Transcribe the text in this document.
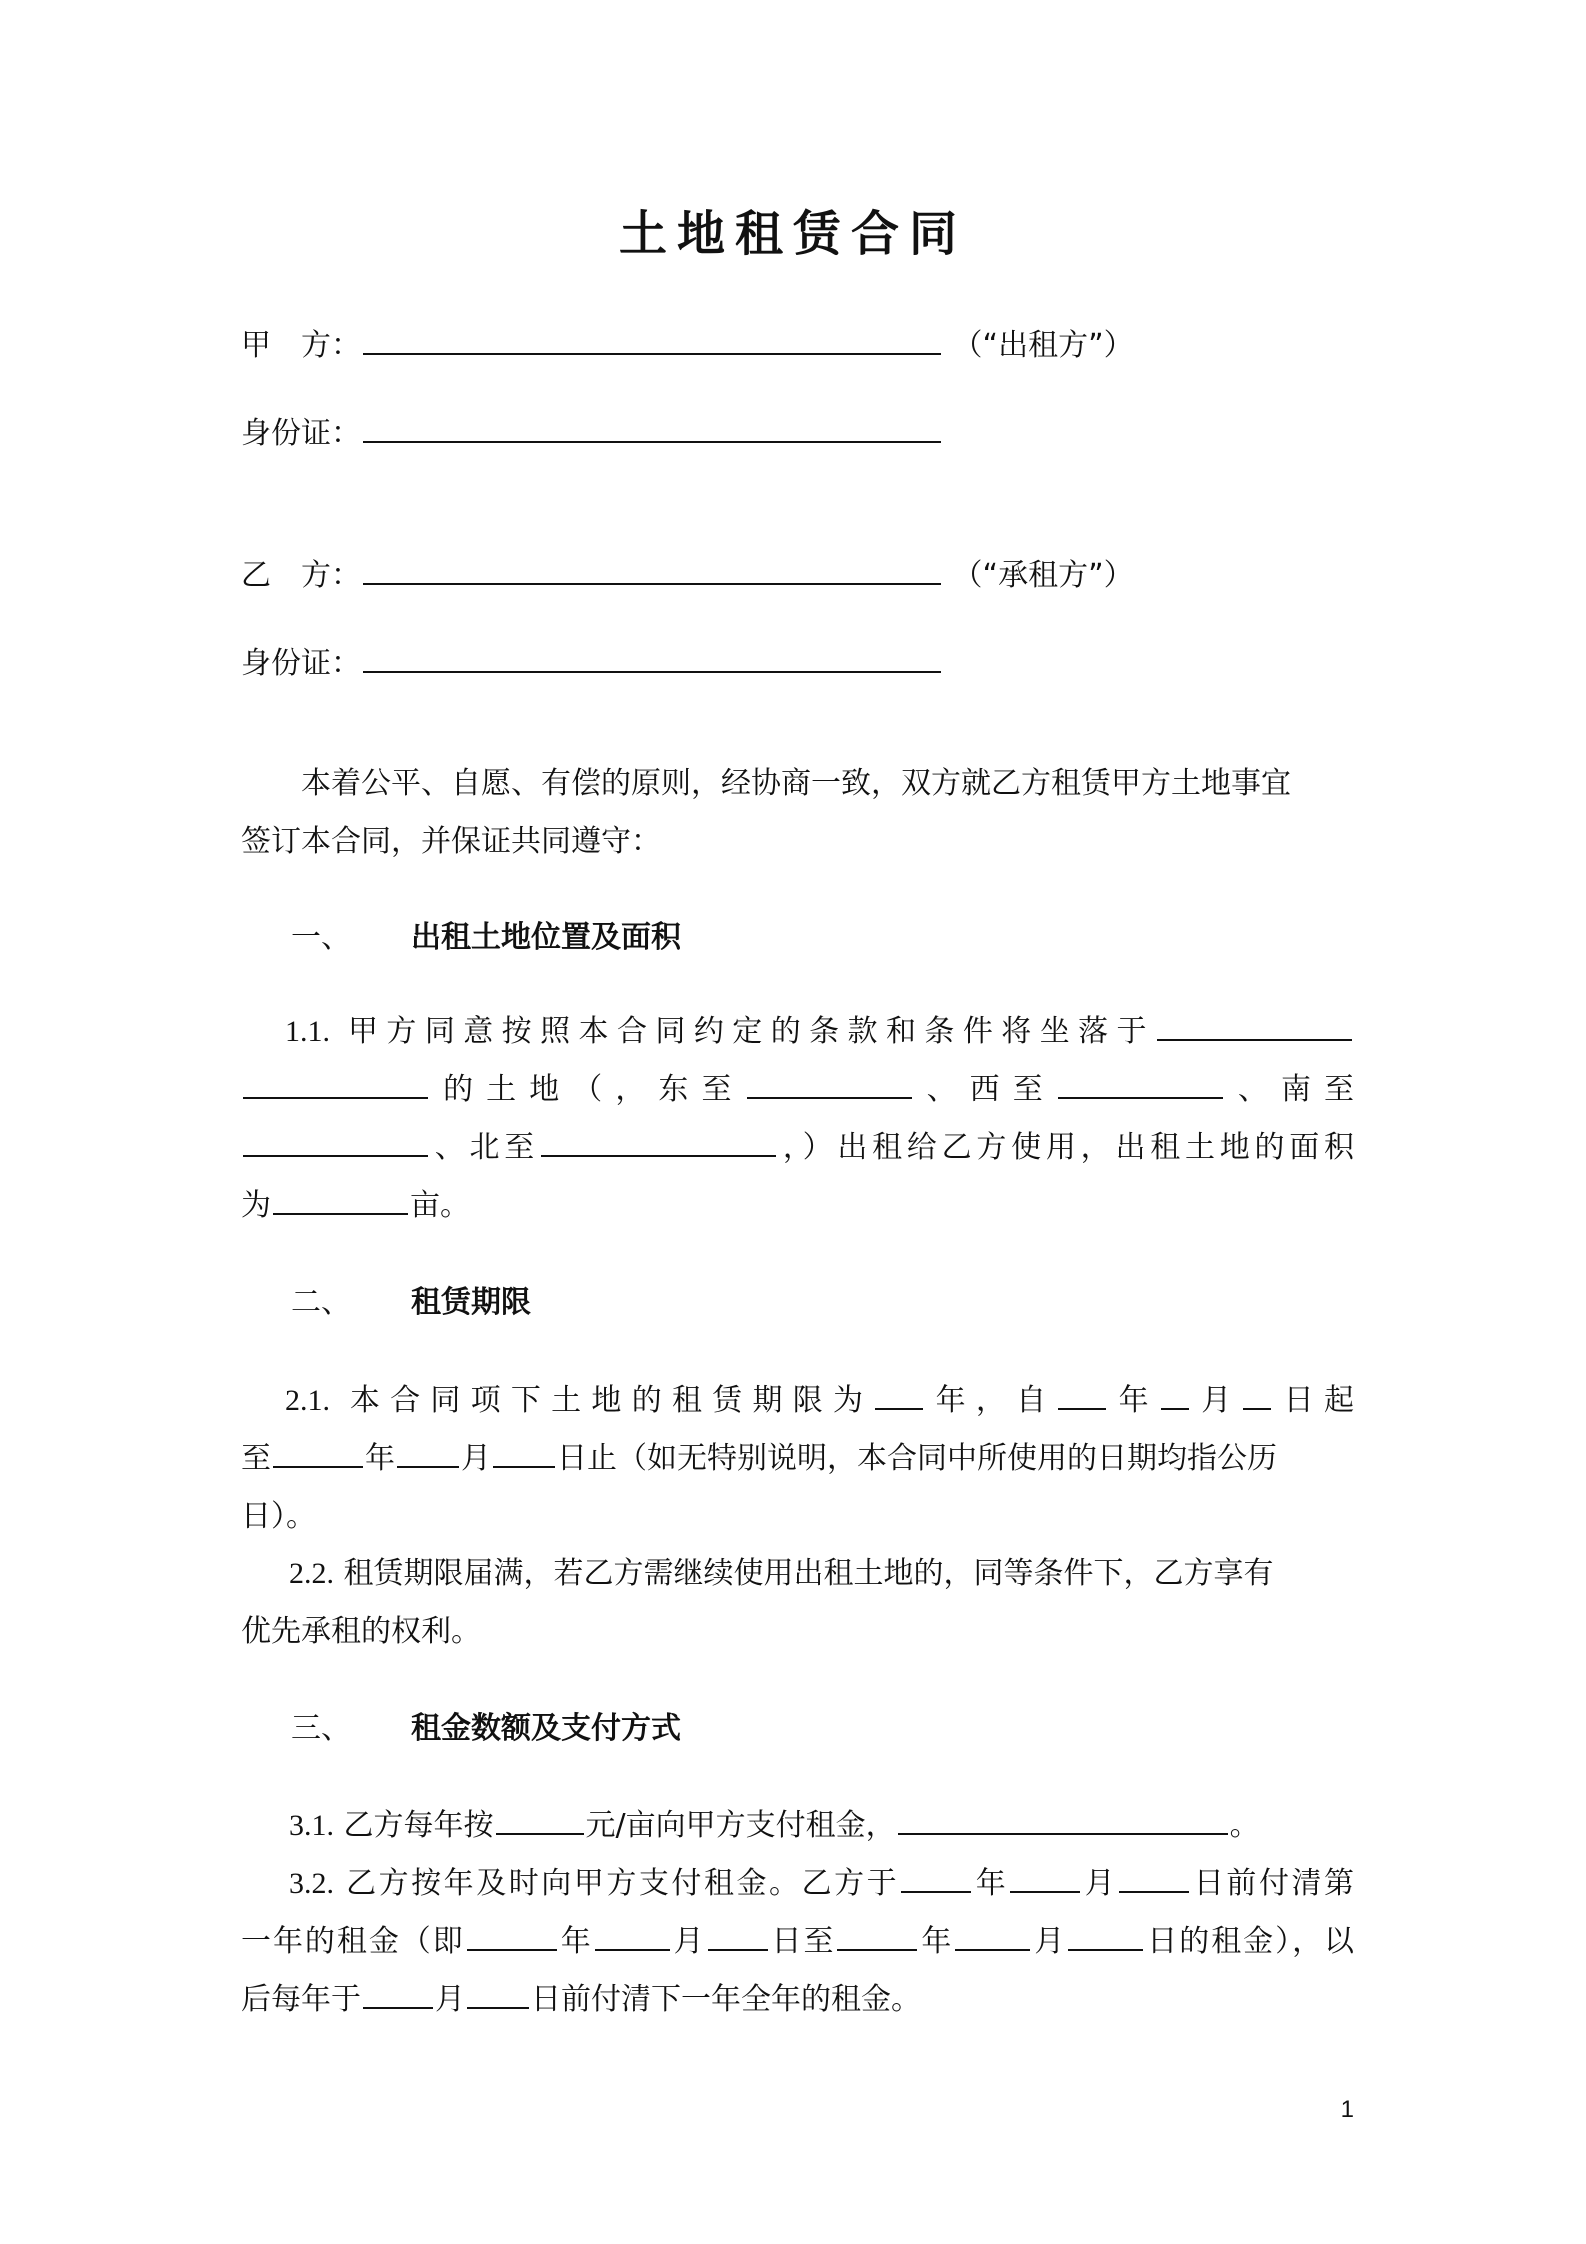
土地租赁合同
甲　方：	（“出租方”）
身份证：
乙　方：	（“承租方”）
身份证：
本着公平、自愿、有偿的原则，经协商一致，双方就乙方租赁甲方土地事宜
签订本合同，并保证共同遵守：
一、 出租土地位置及面积
1.1. 甲方同意按照本合同约定的条款和条件将坐落于
的土地（，东至	、西至	、南至
、北至	，）出租给乙方使用，出租土地的面积
为	亩。
二、 租赁期限
2.1. 本合同项下土地的租赁期限为 年，自 年 月 日起
至	年 月 日止（如无特别说明，本合同中所使用的日期均指公历
日）。
2.2. 租赁期限届满，若乙方需继续使用出租土地的，同等条件下，乙方享有
优先承租的权利。
三、 租金数额及支付方式
3.1. 乙方每年按	元/亩向甲方支付租金，	。
3.2. 乙方按年及时向甲方支付租金。乙方于 年 月 日前付清第
一年的租金（即	年	月 日至	年	月	日的租金），以
后每年于 月 日前付清下一年全年的租金。
1
